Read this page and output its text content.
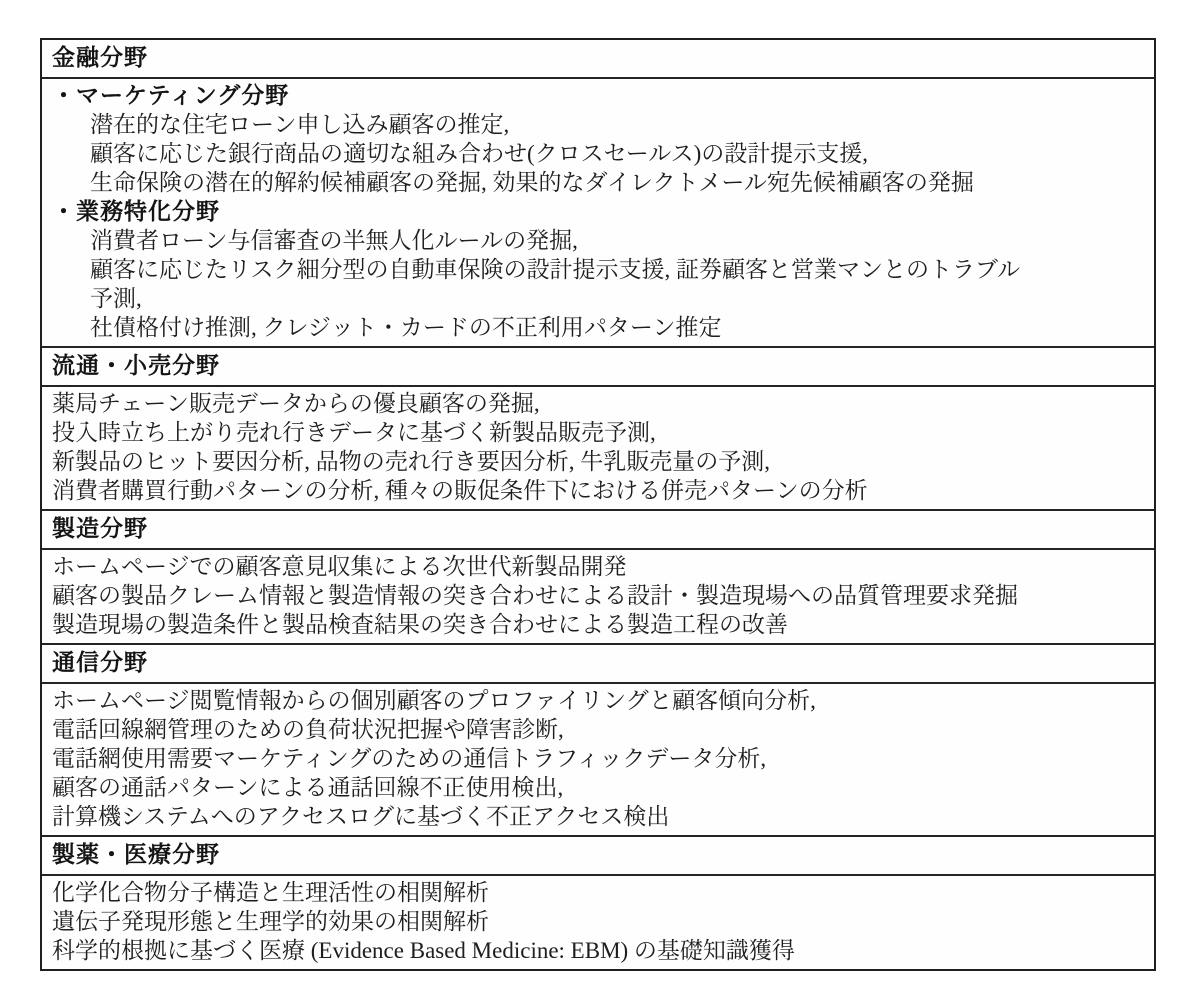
金融分野
・マーケティング分野
潜在的な住宅ローン申し込み顧客の推定,
顧客に応じた銀行商品の適切な組み合わせ(クロスセールス)の設計提示支援,
生命保険の潜在的解約候補顧客の発掘, 効果的なダイレクトメール宛先候補顧客の発掘
・業務特化分野
消費者ローン与信審査の半無人化ルールの発掘,
顧客に応じたリスク細分型の自動車保険の設計提示支援, 証券顧客と営業マンとのトラブル
予測,
社債格付け推測, クレジット・カードの不正利用パターン推定
流通・小売分野
薬局チェーン販売データからの優良顧客の発掘,
投入時立ち上がり売れ行きデータに基づく新製品販売予測,
新製品のヒット要因分析, 品物の売れ行き要因分析, 牛乳販売量の予測,
消費者購買行動パターンの分析, 種々の販促条件下における併売パターンの分析
製造分野
ホームページでの顧客意見収集による次世代新製品開発
顧客の製品クレーム情報と製造情報の突き合わせによる設計・製造現場への品質管理要求発掘
製造現場の製造条件と製品検査結果の突き合わせによる製造工程の改善
通信分野
ホームページ閲覧情報からの個別顧客のプロファイリングと顧客傾向分析,
電話回線網管理のための負荷状況把握や障害診断,
電話網使用需要マーケティングのための通信トラフィックデータ分析,
顧客の通話パターンによる通話回線不正使用検出,
計算機システムへのアクセスログに基づく不正アクセス検出
製薬・医療分野
化学化合物分子構造と生理活性の相関解析
遺伝子発現形態と生理学的効果の相関解析
科学的根拠に基づく医療 (Evidence Based Medicine: EBM) の基礎知識獲得
